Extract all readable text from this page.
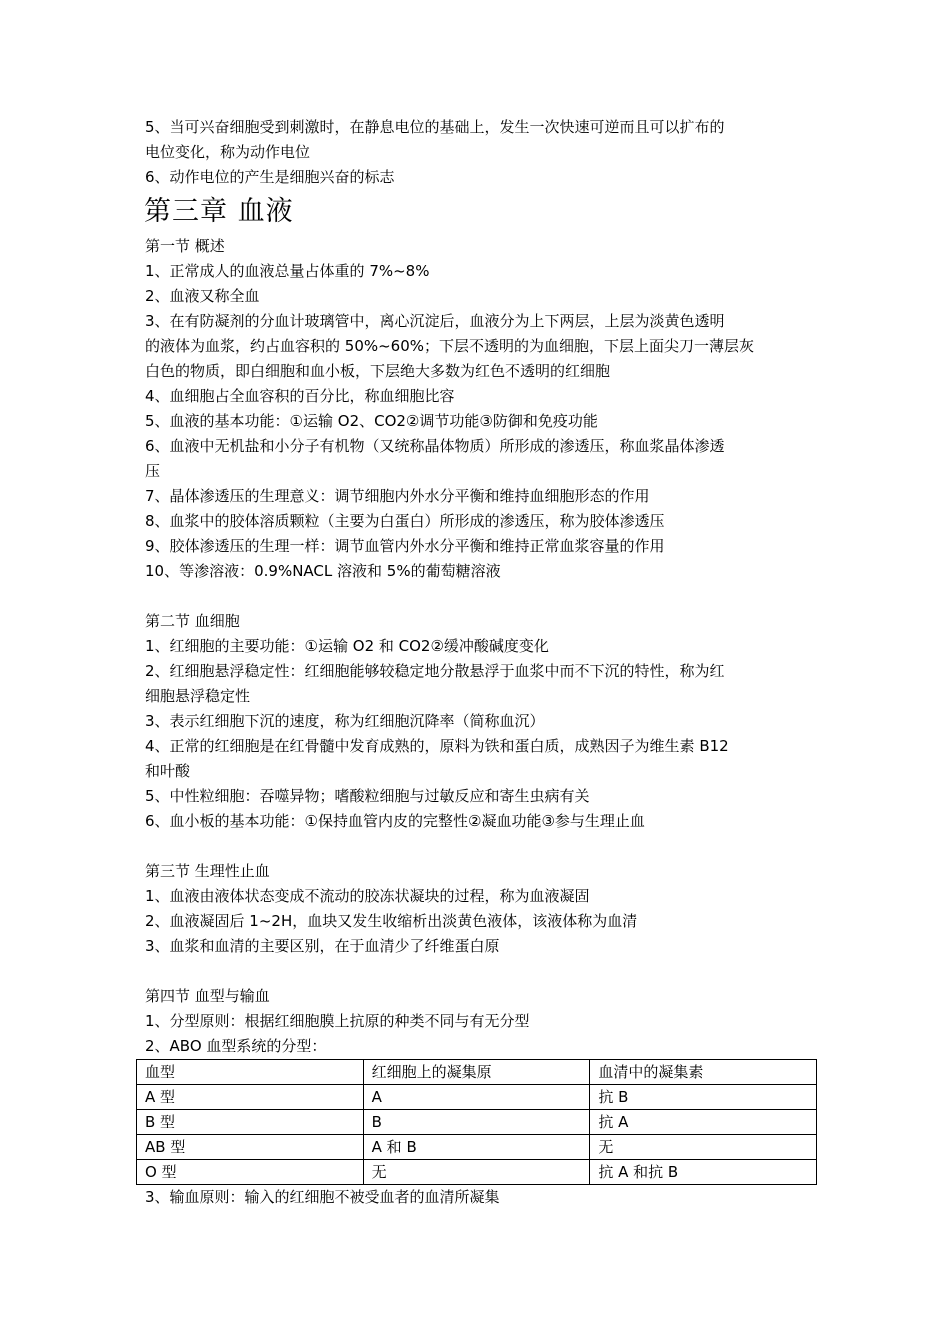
5、当可兴奋细胞受到刺激时，在静息电位的基础上，发生一次快速可逆而且可以扩布的

电位变化，称为动作电位

6、动作电位的产生是细胞兴奋的标志

第三章 血液

第一节 概述

1、正常成人的血液总量占体重的 7%~8%

2、血液又称全血

3、在有防凝剂的分血计玻璃管中，离心沉淀后，血液分为上下两层，上层为淡黄色透明

的液体为血浆，约占血容积的 50%~60%；下层不透明的为血细胞，下层上面尖刀一薄层灰

白色的物质，即白细胞和血小板，下层绝大多数为红色不透明的红细胞

4、血细胞占全血容积的百分比，称血细胞比容

5、血液的基本功能：①运输 O2、CO2②调节功能③防御和免疫功能

6、血液中无机盐和小分子有机物（又统称晶体物质）所形成的渗透压，称血浆晶体渗透

压

7、晶体渗透压的生理意义：调节细胞内外水分平衡和维持血细胞形态的作用

8、血浆中的胶体溶质颗粒（主要为白蛋白）所形成的渗透压，称为胶体渗透压

9、胶体渗透压的生理一样：调节血管内外水分平衡和维持正常血浆容量的作用

10、等渗溶液：0.9%NACL 溶液和 5%的葡萄糖溶液

第二节 血细胞

1、红细胞的主要功能：①运输 O2 和 CO2②缓冲酸碱度变化

2、红细胞悬浮稳定性：红细胞能够较稳定地分散悬浮于血浆中而不下沉的特性，称为红

细胞悬浮稳定性

3、表示红细胞下沉的速度，称为红细胞沉降率（简称血沉）

4、正常的红细胞是在红骨髓中发育成熟的，原料为铁和蛋白质，成熟因子为维生素 B12

和叶酸

5、中性粒细胞：吞噬异物；嗜酸粒细胞与过敏反应和寄生虫病有关

6、血小板的基本功能：①保持血管内皮的完整性②凝血功能③参与生理止血

第三节 生理性止血

1、血液由液体状态变成不流动的胶冻状凝块的过程，称为血液凝固

2、血液凝固后 1~2H，血块又发生收缩析出淡黄色液体，该液体称为血清

3、血浆和血清的主要区别，在于血清少了纤维蛋白原

第四节 血型与输血

1、分型原则：根据红细胞膜上抗原的种类不同与有无分型

2、ABO 血型系统的分型：

血型	红细胞上的凝集原	血清中的凝集素
A 型	A	抗 B
B 型	B	抗 A
AB 型	A 和 B	无
O 型	无	抗 A 和抗 B

3、输血原则：输入的红细胞不被受血者的血清所凝集
